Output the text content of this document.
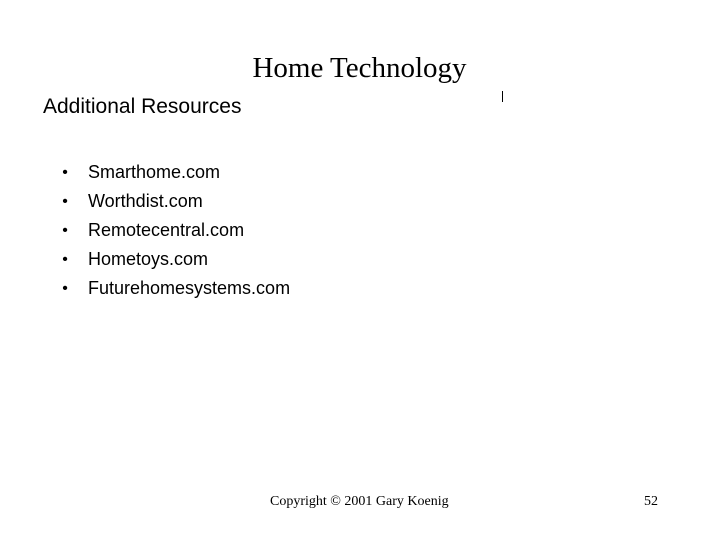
Home Technology
Additional Resources
• Smarthome.com
• Worthdist.com
• Remotecentral.com
• Hometoys.com
• Futurehomesystems.com
Copyright © 2001 Gary Koenig	52
